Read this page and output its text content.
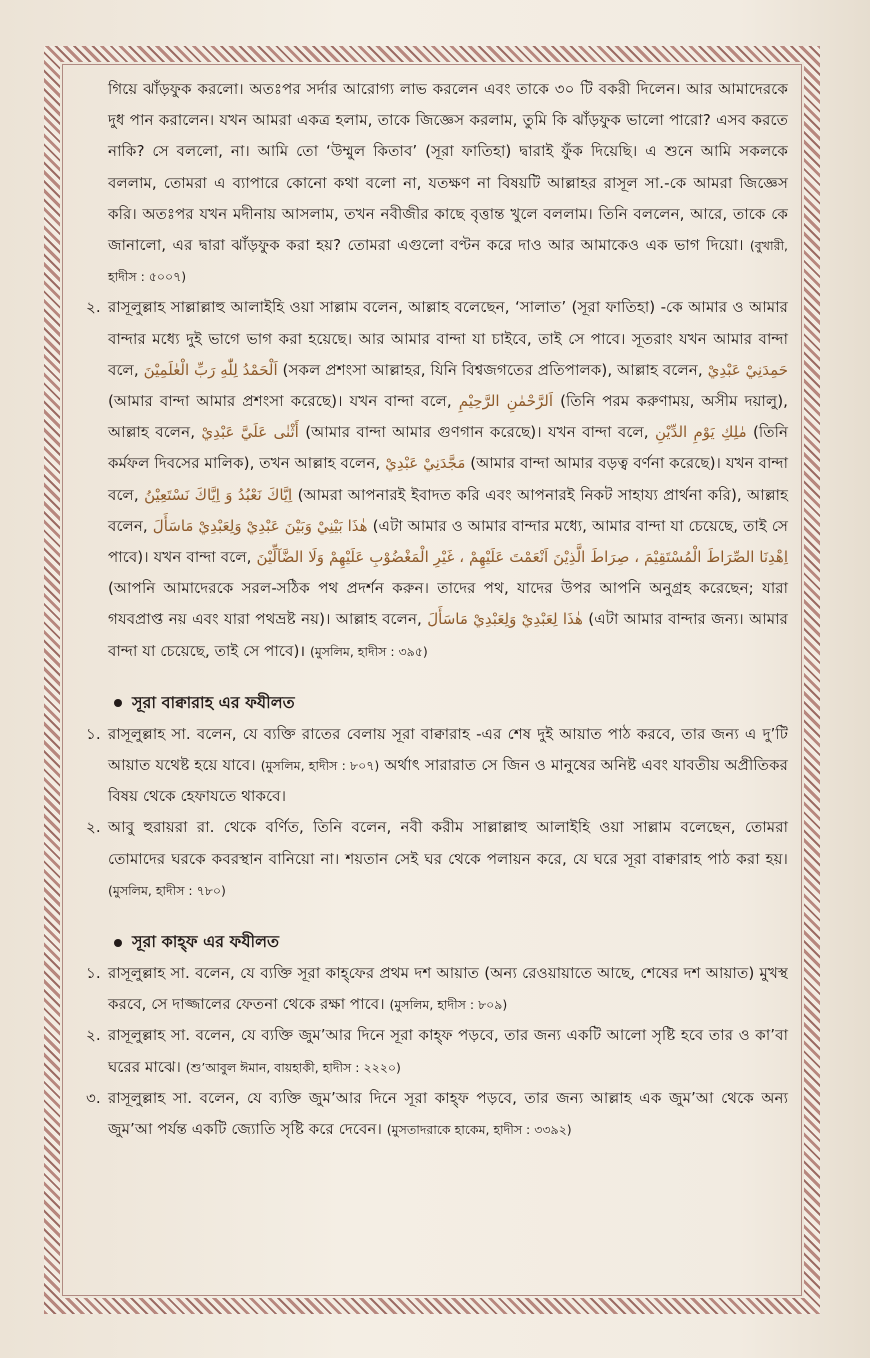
গিয়ে ঝাঁড়ফুক করলো। অতঃপর সর্দার আরোগ্য লাভ করলেন এবং তাকে ৩০ টি বকরী দিলেন। আর আমাদেরকে দুধ পান করালেন। যখন আমরা একত্র হলাম, তাকে জিজ্ঞেস করলাম, তুমি কি ঝাঁড়ফুক ভালো পারো? এসব করতে নাকি? সে বললো, না। আমি তো ‘উম্মুল কিতাব’ (সূরা ফাতিহা) দ্বারাই ফুঁক দিয়েছি। এ শুনে আমি সকলকে বললাম, তোমরা এ ব্যাপারে কোনো কথা বলো না, যতক্ষণ না বিষয়টি আল্লাহর রাসূল সা.-কে আমরা জিজ্ঞেস করি। অতঃপর যখন মদীনায় আসলাম, তখন নবীজীর কাছে বৃত্তান্ত খুলে বললাম। তিনি বললেন, আরে, তাকে কে জানালো, এর দ্বারা ঝাঁড়ফুক করা হয়? তোমরা এগুলো বণ্টন করে দাও আর আমাকেও এক ভাগ দিয়ো। (বুখারী, হাদীস : ৫০০৭)

২. রাসূলুল্লাহ সাল্লাল্লাহু আলাইহি ওয়া সাল্লাম বলেন, আল্লাহ বলেছেন, ‘সালাত’ (সূরা ফাতিহা) -কে আমার ও আমার বান্দার মধ্যে দুই ভাগে ভাগ করা হয়েছে। আর আমার বান্দা যা চাইবে, তাই সে পাবে। সূতরাং যখন আমার বান্দা বলে, اَلْحَمْدُ لِلّٰهِ رَبِّ الْعٰلَمِيْنَ (সকল প্রশংসা আল্লাহর, যিনি বিশ্বজগতের প্রতিপালক), আল্লাহ বলেন, حَمِدَنِيْ عَبْدِيْ (আমার বান্দা আমার প্রশংসা করেছে)। যখন বান্দা বলে, اَلرَّحْمٰنِ الرَّحِيْمِ (তিনি পরম করুণাময়, অসীম দয়ালু), আল্লাহ বলেন, أَثْنٰى عَلَيَّ عَبْدِيْ (আমার বান্দা আমার গুণগান করেছে)। যখন বান্দা বলে, مٰلِكِ يَوْمِ الدِّيْنِ (তিনি কর্মফল দিবসের মালিক), তখন আল্লাহ বলেন, مَجَّدَنِيْ عَبْدِيْ (আমার বান্দা আমার বড়ত্ব বর্ণনা করেছে)। যখন বান্দা বলে, اِيَّاكَ نَعْبُدُ وَ اِيَّاكَ نَسْتَعِيْنُ (আমরা আপনারই ইবাদত করি এবং আপনারই নিকট সাহায্য প্রার্থনা করি), আল্লাহ বলেন, هٰذَا بَيْنِيْ وَبَيْنَ عَبْدِيْ وَلِعَبْدِيْ مَاسَأَلَ (এটা আমার ও আমার বান্দার মধ্যে, আমার বান্দা যা চেয়েছে, তাই সে পাবে)। যখন বান্দা বলে, اِهْدِنَا الصِّرَاطَ الْمُسْتَقِيْمَ ، صِرَاطَ الَّذِيْنَ اَنْعَمْتَ عَلَيْهِمْ ، غَيْرِ الْمَغْضُوْبِ عَلَيْهِمْ وَلَا الضَّآلِّيْنَ (আপনি আমাদেরকে সরল-সঠিক পথ প্রদর্শন করুন। তাদের পথ, যাদের উপর আপনি অনুগ্রহ করেছেন; যারা গযবপ্রাপ্ত নয় এবং যারা পথভ্রষ্ট নয়)। আল্লাহ বলেন, هٰذَا لِعَبْدِيْ وَلِعَبْدِيْ مَاسَأَلَ (এটা আমার বান্দার জন্য। আমার বান্দা যা চেয়েছে, তাই সে পাবে)। (মুসলিম, হাদীস : ৩৯৫)

সূরা বাক্বারাহ এর ফযীলত
১. রাসূলুল্লাহ সা. বলেন, যে ব্যক্তি রাতের বেলায় সূরা বাক্বারাহ -এর শেষ দুই আয়াত পাঠ করবে, তার জন্য এ দু’টি আয়াত যথেষ্ট হয়ে যাবে। (মুসলিম, হাদীস : ৮০৭) অর্থাৎ সারারাত সে জিন ও মানুষের অনিষ্ট এবং যাবতীয় অপ্রীতিকর বিষয় থেকে হেফাযতে থাকবে।

২. আবু হুরায়রা রা. থেকে বর্ণিত, তিনি বলেন, নবী করীম সাল্লাল্লাহু আলাইহি ওয়া সাল্লাম বলেছেন, তোমরা তোমাদের ঘরকে কবরস্থান বানিয়ো না। শয়তান সেই ঘর থেকে পলায়ন করে, যে ঘরে সূরা বাক্বারাহ পাঠ করা হয়। (মুসলিম, হাদীস : ৭৮০)

সূরা কাহ্‌ফ এর ফযীলত
১. রাসূলুল্লাহ সা. বলেন, যে ব্যক্তি সূরা কাহ্‌ফের প্রথম দশ আয়াত (অন্য রেওয়ায়াতে আছে, শেষের দশ আয়াত) মুখস্থ করবে, সে দাজ্জালের ফেতনা থেকে রক্ষা পাবে। (মুসলিম, হাদীস : ৮০৯)

২. রাসূলুল্লাহ সা. বলেন, যে ব্যক্তি জুম’আর দিনে সূরা কাহ্‌ফ পড়বে, তার জন্য একটি আলো সৃষ্টি হবে তার ও কা’বা ঘরের মাঝে। (শু’আবুল ঈমান, বায়হাকী, হাদীস : ২২২০)

৩. রাসূলুল্লাহ সা. বলেন, যে ব্যক্তি জুম’আর দিনে সূরা কাহ্‌ফ পড়বে, তার জন্য আল্লাহ এক জুম’আ থেকে অন্য জুম’আ পর্যন্ত একটি জ্যোতি সৃষ্টি করে দেবেন। (মুসতাদরাকে হাকেম, হাদীস : ৩৩৯২)
